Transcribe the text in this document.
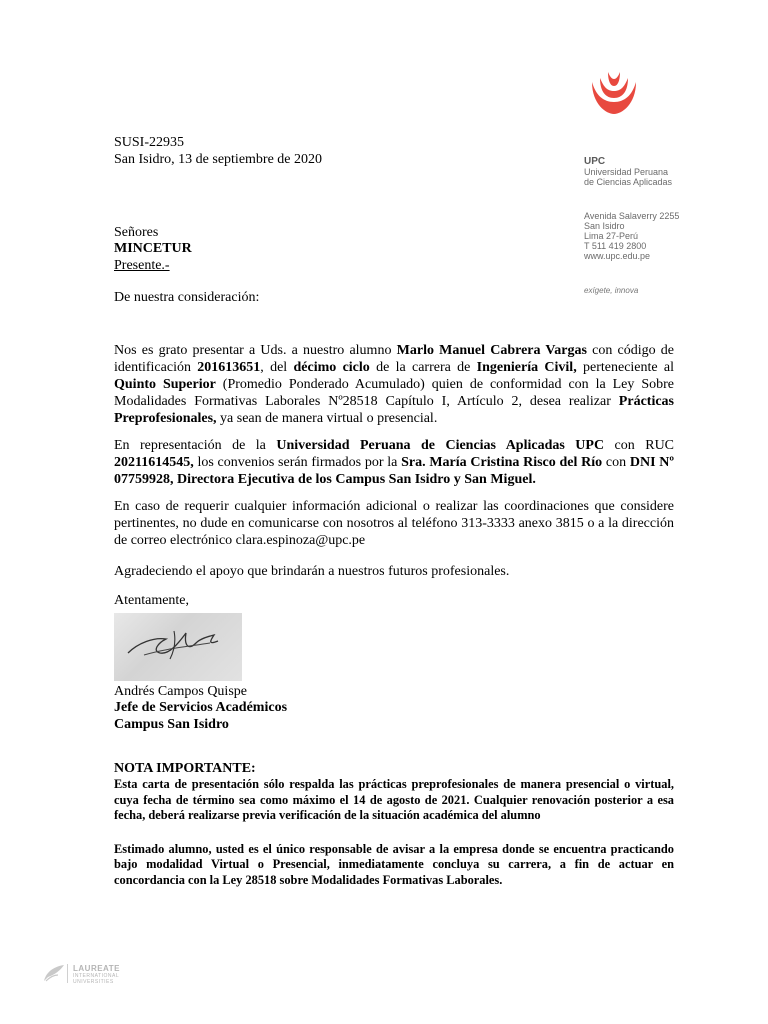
UPC
Universidad Peruana
de Ciencias Aplicadas
Avenida Salaverry 2255
San Isidro
Lima 27-Perú
T 511 419 2800
www.upc.edu.pe
exígete, innova
SUSI-22935
San Isidro, 13 de septiembre de 2020
Señores
MINCETUR
Presente.-
De nuestra consideración:
Nos es grato presentar a Uds. a nuestro alumno Marlo Manuel Cabrera Vargas con código de identificación 201613651, del décimo ciclo de la carrera de Ingeniería Civil, perteneciente al Quinto Superior (Promedio Ponderado Acumulado) quien de conformidad con la Ley Sobre Modalidades Formativas Laborales Nº28518 Capítulo I, Artículo 2, desea realizar Prácticas Preprofesionales, ya sean de manera virtual o presencial.
En representación de la Universidad Peruana de Ciencias Aplicadas UPC con RUC 20211614545, los convenios serán firmados por la Sra. María Cristina Risco del Río con DNI Nº 07759928, Directora Ejecutiva de los Campus San Isidro y San Miguel.
En caso de requerir cualquier información adicional o realizar las coordinaciones que considere pertinentes, no dude en comunicarse con nosotros al teléfono 313-3333 anexo 3815 o a la dirección de correo electrónico clara.espinoza@upc.pe
Agradeciendo el apoyo que brindarán a nuestros futuros profesionales.
Atentamente,
Andrés Campos Quispe
Jefe de Servicios Académicos
Campus San Isidro
NOTA IMPORTANTE:
Esta carta de presentación sólo respalda las prácticas preprofesionales de manera presencial o virtual, cuya fecha de término sea como máximo el 14 de agosto de 2021. Cualquier renovación posterior a esa fecha, deberá realizarse previa verificación de la situación académica del alumno
Estimado alumno, usted es el único responsable de avisar a la empresa donde se encuentra practicando bajo modalidad Virtual o Presencial, inmediatamente concluya su carrera, a fin de actuar en concordancia con la Ley 28518 sobre Modalidades Formativas Laborales.
LAUREATE
INTERNATIONAL
UNIVERSITIES
